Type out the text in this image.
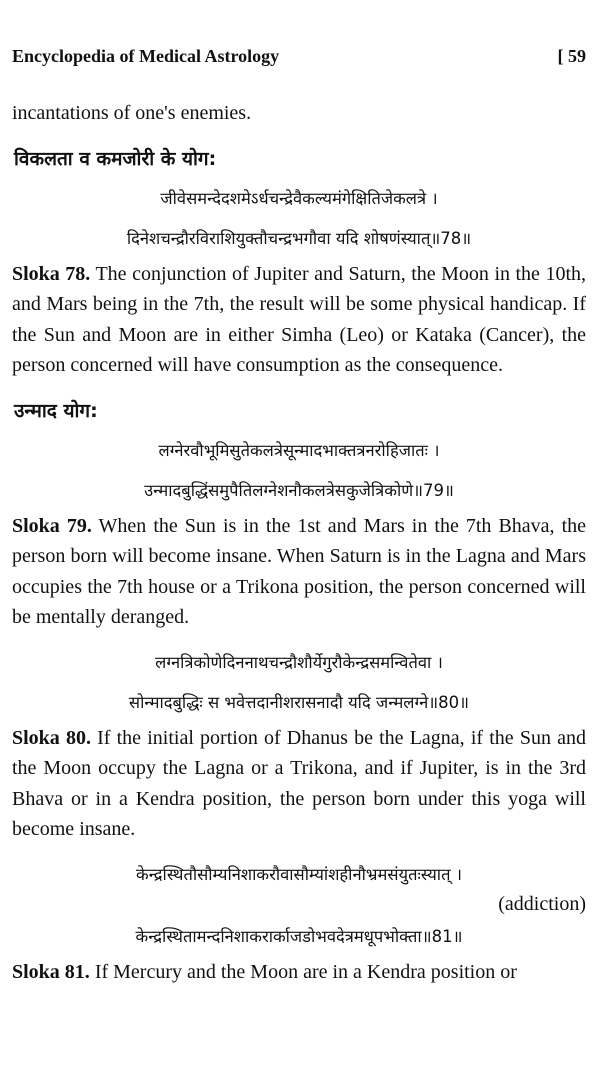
Encyclopedia of Medical Astrology	[ 59

incantations of one's enemies.

विकलता व कमजोरी के योग:
जीवेसमन्देदशमेऽर्धचन्द्रेवैकल्यमंगेक्षितिजेकलत्रे ।
दिनेशचन्द्रौरविराशियुक्तौचन्द्रभगौवा यदि शोषणंस्यात्॥78॥

Sloka 78. The conjunction of Jupiter and Saturn, the Moon in the 10th, and Mars being in the 7th, the result will be some physical handicap. If the Sun and Moon are in either Simha (Leo) or Kataka (Cancer), the person concerned will have consumption as the consequence.

उन्माद योग:
लग्नेरवौभूमिसुतेकलत्रेसून्मादभाक्तत्रनरोहिजातः ।
उन्मादबुद्धिंसमुपैतिलग्नेशनौकलत्रेसकुजेत्रिकोणे॥79॥

Sloka 79. When the Sun is in the 1st and Mars in the 7th Bhava, the person born will become insane. When Saturn is in the Lagna and Mars occupies the 7th house or a Trikona position, the person concerned will be mentally deranged.

लग्नत्रिकोणेदिननाथचन्द्रौशौर्येगुरौकेन्द्रसमन्वितेवा ।
सोन्मादबुद्धिः स भवेत्तदानीशरासनादौ यदि जन्मलग्ने॥80॥

Sloka 80. If the initial portion of Dhanus be the Lagna, if the Sun and the Moon occupy the Lagna or a Trikona, and if Jupiter, is in the 3rd Bhava or in a Kendra position, the person born under this yoga will become insane.

केन्द्रस्थितौसौम्यनिशाकरौवासौम्यांशहीनौभ्रमसंयुतःस्यात् ।
(addiction)
केन्द्रस्थितामन्दनिशाकरार्काजडोभवदेत्रमधूपभोक्ता॥81॥

Sloka 81. If Mercury and the Moon are in a Kendra position or
